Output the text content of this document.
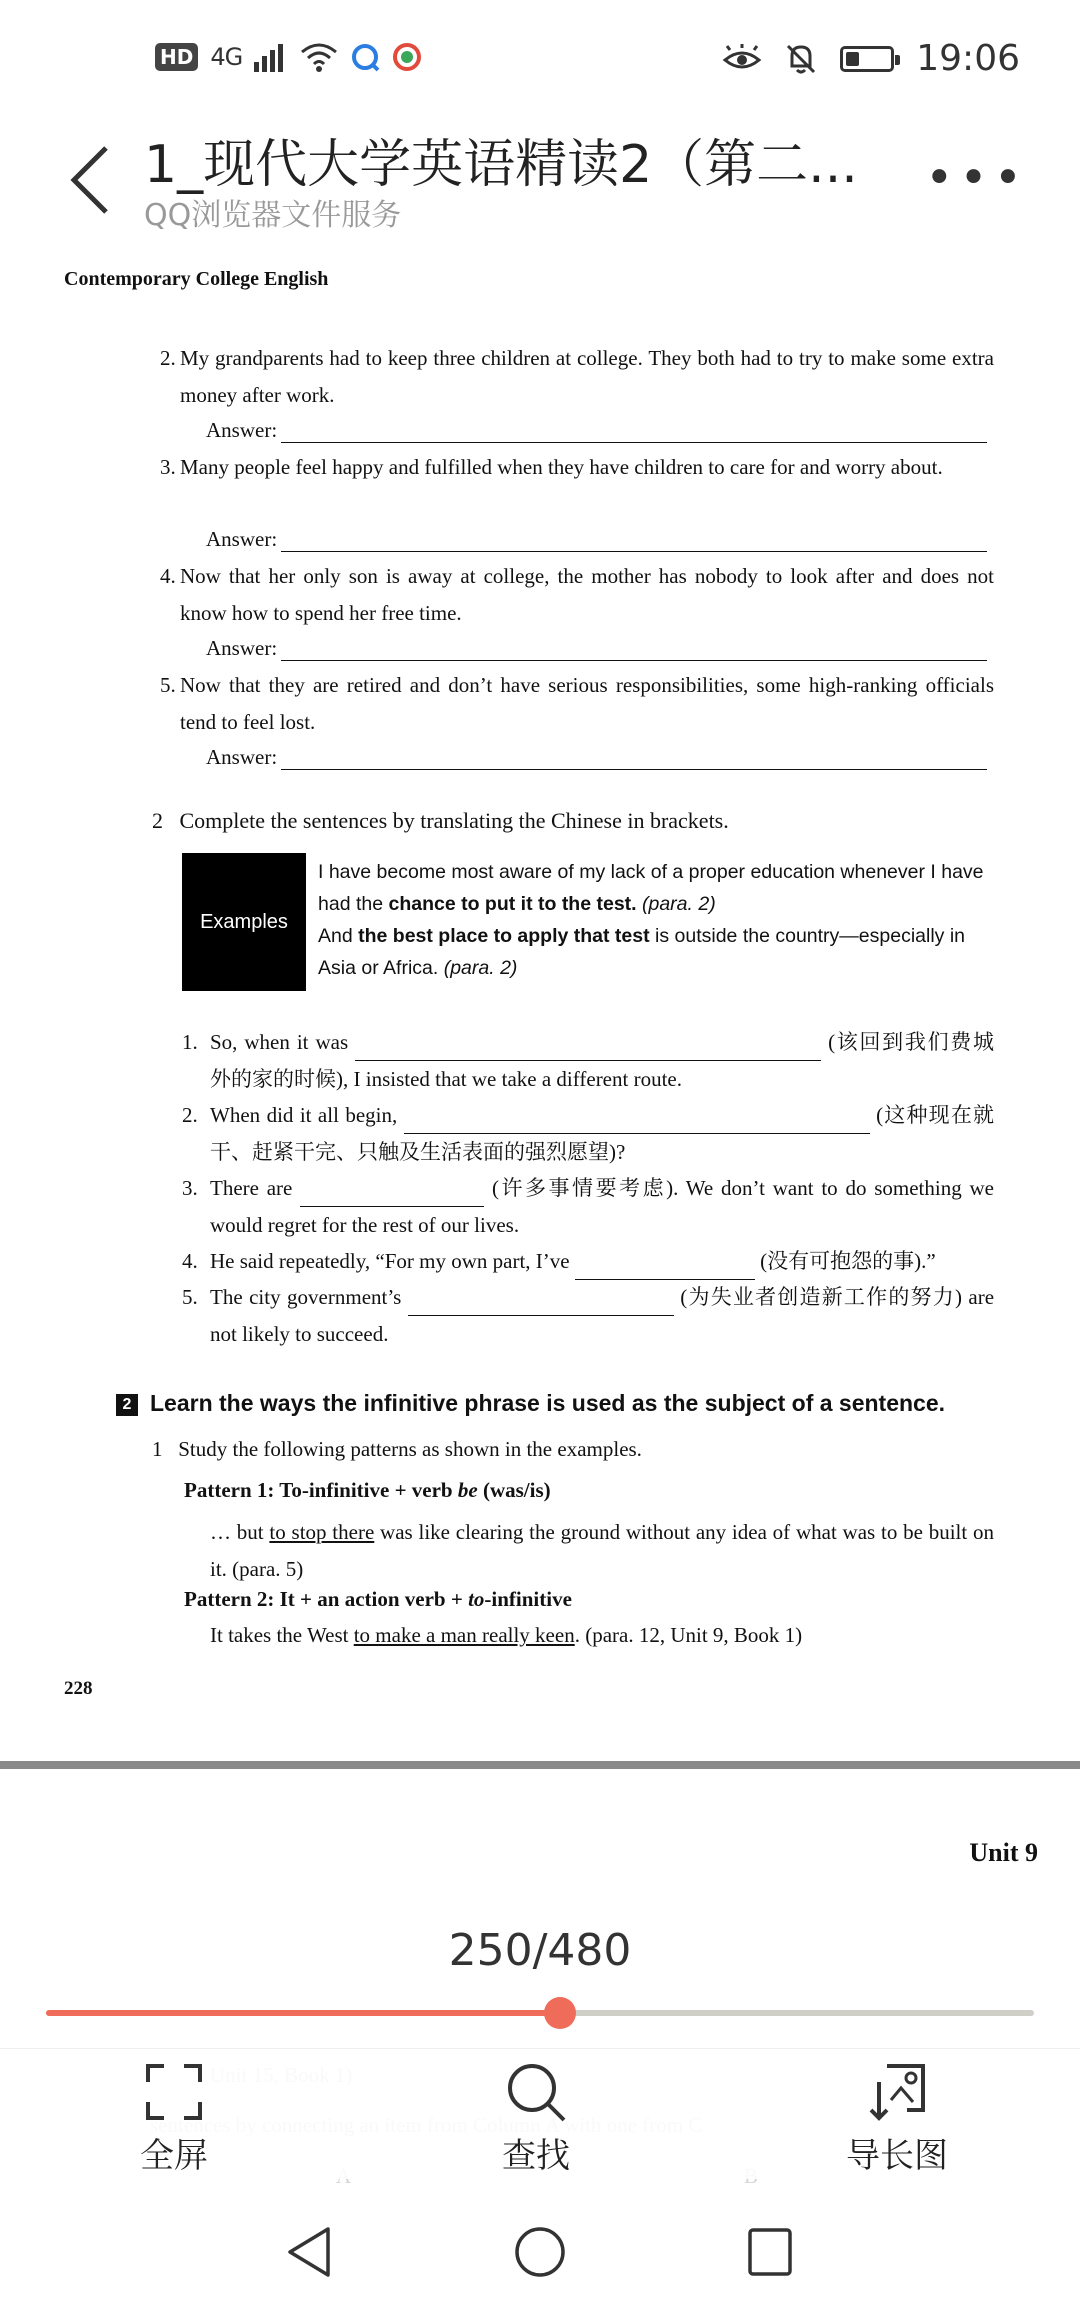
HD 4G	19:06
1_现代大学英语精读2（第二...
QQ浏览器文件服务
•••
Contemporary College English
2. My grandparents had to keep three children at college. They both had to try to make some extra money after work.
Answer:
3. Many people feel happy and fulfilled when they have children to care for and worry about.
Answer:
4. Now that her only son is away at college, the mother has nobody to look after and does not know how to spend her free time.
Answer:
5. Now that they are retired and don’t have serious responsibilities, some high-ranking officials tend to feel lost.
Answer:
2 Complete the sentences by translating the Chinese in brackets.
Examples
I have become most aware of my lack of a proper education whenever I have had the chance to put it to the test. (para. 2)
And the best place to apply that test is outside the country—especially in Asia or Africa. (para. 2)
1. So, when it was	(该回到我们费城外的家的时候), I insisted that we take a different route.
2. When did it all begin,	(这种现在就干、赶紧干完、只触及生活表面的强烈愿望)?
3. There are	(许多事情要考虑). We don’t want to do something we would regret for the rest of our lives.
4. He said repeatedly, “For my own part, I’ve	(没有可抱怨的事).”
5. The city government’s	(为失业者创造新工作的努力) are not likely to succeed.
2 Learn the ways the infinitive phrase is used as the subject of a sentence.
1 Study the following patterns as shown in the examples.
Pattern 1: To-infinitive + verb be (was/is)
… but to stop there was like clearing the ground without any idea of what was to be built on it. (para. 5)
Pattern 2: It + an action verb + to-infinitive
It takes the West to make a man really keen. (para. 12, Unit 9, Book 1)
228
Unit 9
250/480
全屏	查找	导长图
